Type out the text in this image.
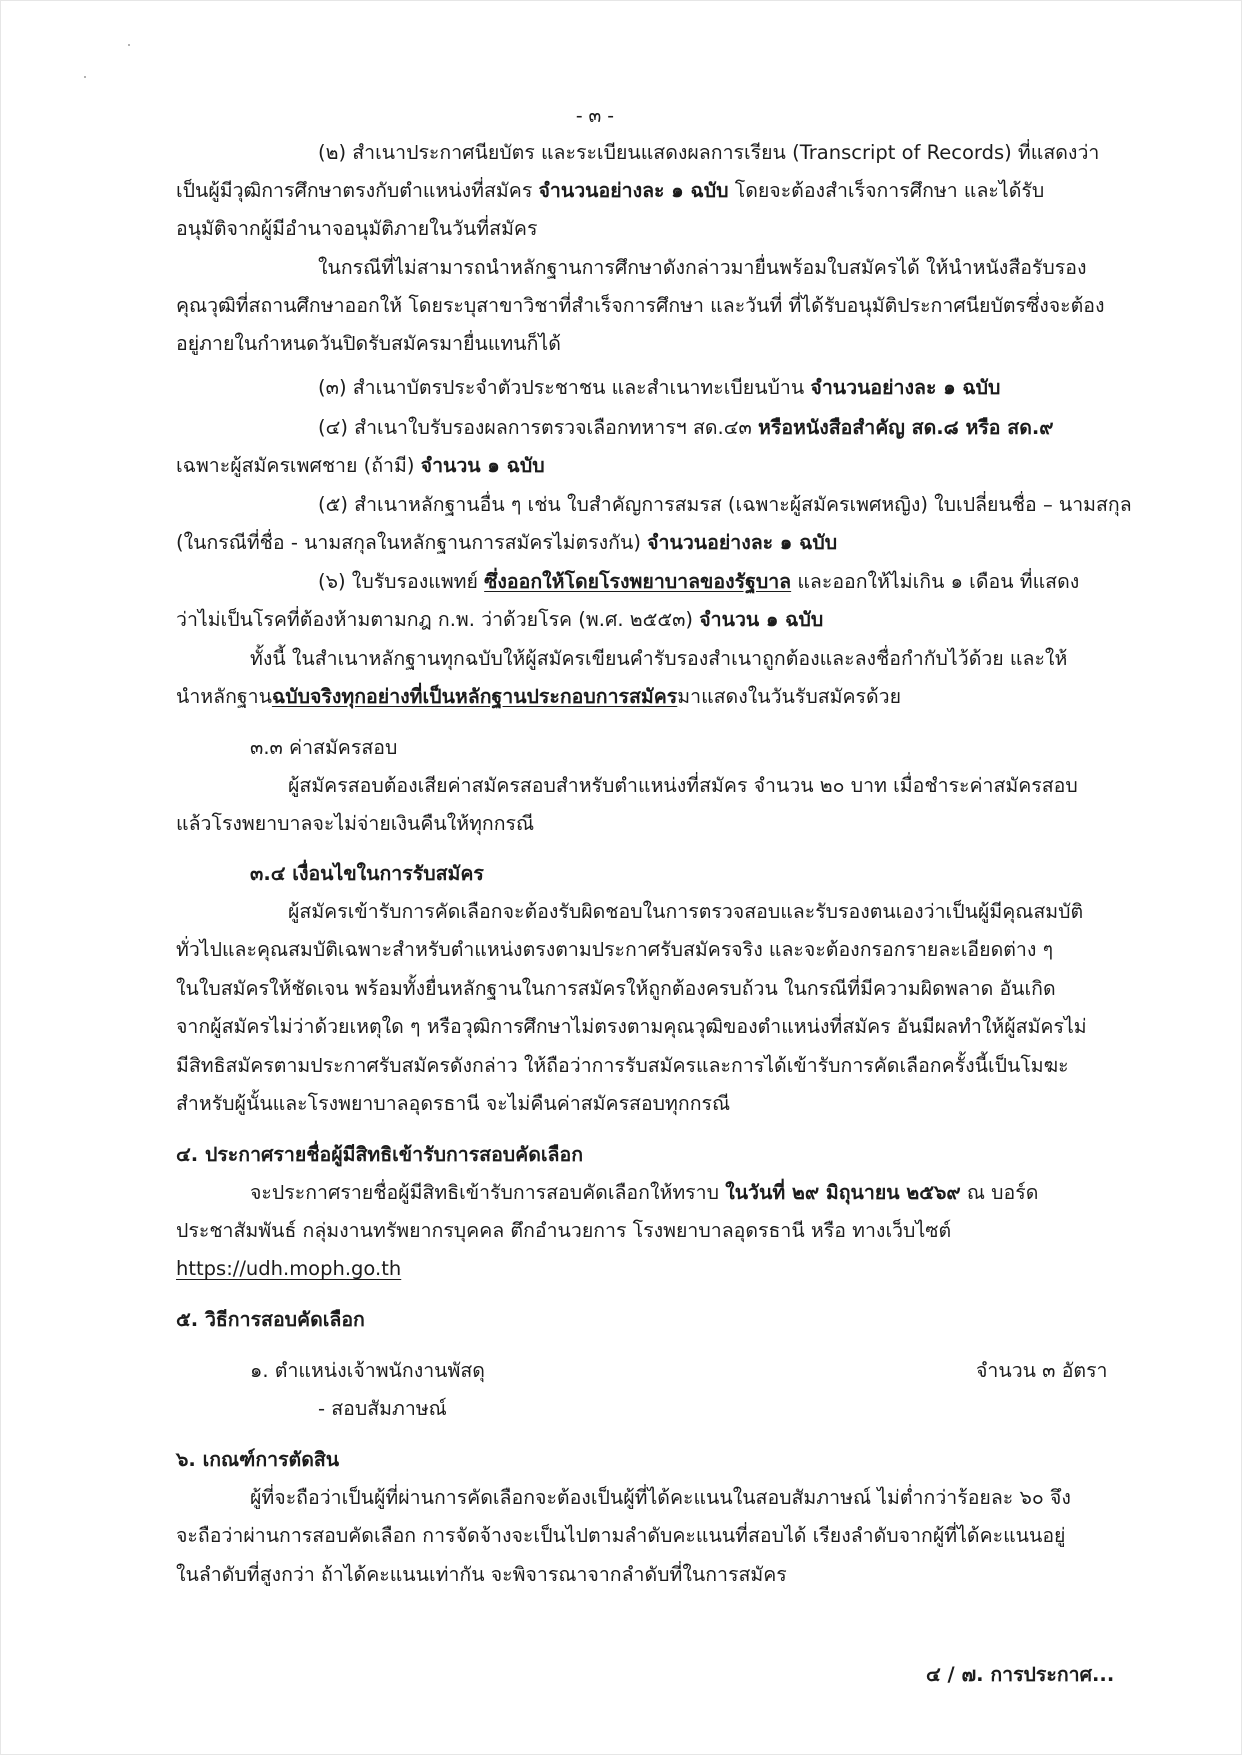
- ๓ -
(๒) สำเนาประกาศนียบัตร และระเบียนแสดงผลการเรียน (Transcript of Records) ที่แสดงว่า
เป็นผู้มีวุฒิการศึกษาตรงกับตำแหน่งที่สมัคร จำนวนอย่างละ ๑ ฉบับ โดยจะต้องสำเร็จการศึกษา และได้รับ
อนุมัติจากผู้มีอำนาจอนุมัติภายในวันที่สมัคร
ในกรณีที่ไม่สามารถนำหลักฐานการศึกษาดังกล่าวมายื่นพร้อมใบสมัครได้ ให้นำหนังสือรับรอง
คุณวุฒิที่สถานศึกษาออกให้ โดยระบุสาขาวิชาที่สำเร็จการศึกษา และวันที่ ที่ได้รับอนุมัติประกาศนียบัตรซึ่งจะต้อง
อยู่ภายในกำหนดวันปิดรับสมัครมายื่นแทนก็ได้
(๓) สำเนาบัตรประจำตัวประชาชน และสำเนาทะเบียนบ้าน จำนวนอย่างละ ๑ ฉบับ
(๔) สำเนาใบรับรองผลการตรวจเลือกทหารฯ สด.๔๓ หรือหนังสือสำคัญ สด.๘ หรือ สด.๙
เฉพาะผู้สมัครเพศชาย (ถ้ามี) จำนวน ๑ ฉบับ
(๕) สำเนาหลักฐานอื่น ๆ เช่น ใบสำคัญการสมรส (เฉพาะผู้สมัครเพศหญิง) ใบเปลี่ยนชื่อ – นามสกุล
(ในกรณีที่ชื่อ - นามสกุลในหลักฐานการสมัครไม่ตรงกัน) จำนวนอย่างละ ๑ ฉบับ
(๖) ใบรับรองแพทย์ ซึ่งออกให้โดยโรงพยาบาลของรัฐบาล และออกให้ไม่เกิน ๑ เดือน ที่แสดง
ว่าไม่เป็นโรคที่ต้องห้ามตามกฎ ก.พ. ว่าด้วยโรค (พ.ศ. ๒๕๕๓) จำนวน ๑ ฉบับ
ทั้งนี้ ในสำเนาหลักฐานทุกฉบับให้ผู้สมัครเขียนคำรับรองสำเนาถูกต้องและลงชื่อกำกับไว้ด้วย และให้
นำหลักฐานฉบับจริงทุกอย่างที่เป็นหลักฐานประกอบการสมัครมาแสดงในวันรับสมัครด้วย
๓.๓ ค่าสมัครสอบ
ผู้สมัครสอบต้องเสียค่าสมัครสอบสำหรับตำแหน่งที่สมัคร จำนวน ๒๐ บาท เมื่อชำระค่าสมัครสอบ
แล้วโรงพยาบาลจะไม่จ่ายเงินคืนให้ทุกกรณี
๓.๔ เงื่อนไขในการรับสมัคร
ผู้สมัครเข้ารับการคัดเลือกจะต้องรับผิดชอบในการตรวจสอบและรับรองตนเองว่าเป็นผู้มีคุณสมบัติ
ทั่วไปและคุณสมบัติเฉพาะสำหรับตำแหน่งตรงตามประกาศรับสมัครจริง และจะต้องกรอกรายละเอียดต่าง ๆ
ในใบสมัครให้ชัดเจน พร้อมทั้งยื่นหลักฐานในการสมัครให้ถูกต้องครบถ้วน ในกรณีที่มีความผิดพลาด อันเกิด
จากผู้สมัครไม่ว่าด้วยเหตุใด ๆ หรือวุฒิการศึกษาไม่ตรงตามคุณวุฒิของตำแหน่งที่สมัคร อันมีผลทำให้ผู้สมัครไม่
มีสิทธิสมัครตามประกาศรับสมัครดังกล่าว ให้ถือว่าการรับสมัครและการได้เข้ารับการคัดเลือกครั้งนี้เป็นโมฆะ
สำหรับผู้นั้นและโรงพยาบาลอุดรธานี จะไม่คืนค่าสมัครสอบทุกกรณี
๔. ประกาศรายชื่อผู้มีสิทธิเข้ารับการสอบคัดเลือก
จะประกาศรายชื่อผู้มีสิทธิเข้ารับการสอบคัดเลือกให้ทราบ ในวันที่ ๒๙ มิถุนายน ๒๕๖๙ ณ บอร์ด
ประชาสัมพันธ์ กลุ่มงานทรัพยากรบุคคล ตึกอำนวยการ โรงพยาบาลอุดรธานี หรือ ทางเว็บไซต์
https://udh.moph.go.th
๕. วิธีการสอบคัดเลือก
๑. ตำแหน่งเจ้าพนักงานพัสดุ	จำนวน ๓ อัตรา
- สอบสัมภาษณ์
๖. เกณฑ์การตัดสิน
ผู้ที่จะถือว่าเป็นผู้ที่ผ่านการคัดเลือกจะต้องเป็นผู้ที่ได้คะแนนในสอบสัมภาษณ์ ไม่ต่ำกว่าร้อยละ ๖๐ จึง
จะถือว่าผ่านการสอบคัดเลือก การจัดจ้างจะเป็นไปตามลำดับคะแนนที่สอบได้ เรียงลำดับจากผู้ที่ได้คะแนนอยู่
ในลำดับที่สูงกว่า ถ้าได้คะแนนเท่ากัน จะพิจารณาจากลำดับที่ในการสมัคร
๔ / ๗. การประกาศ...
